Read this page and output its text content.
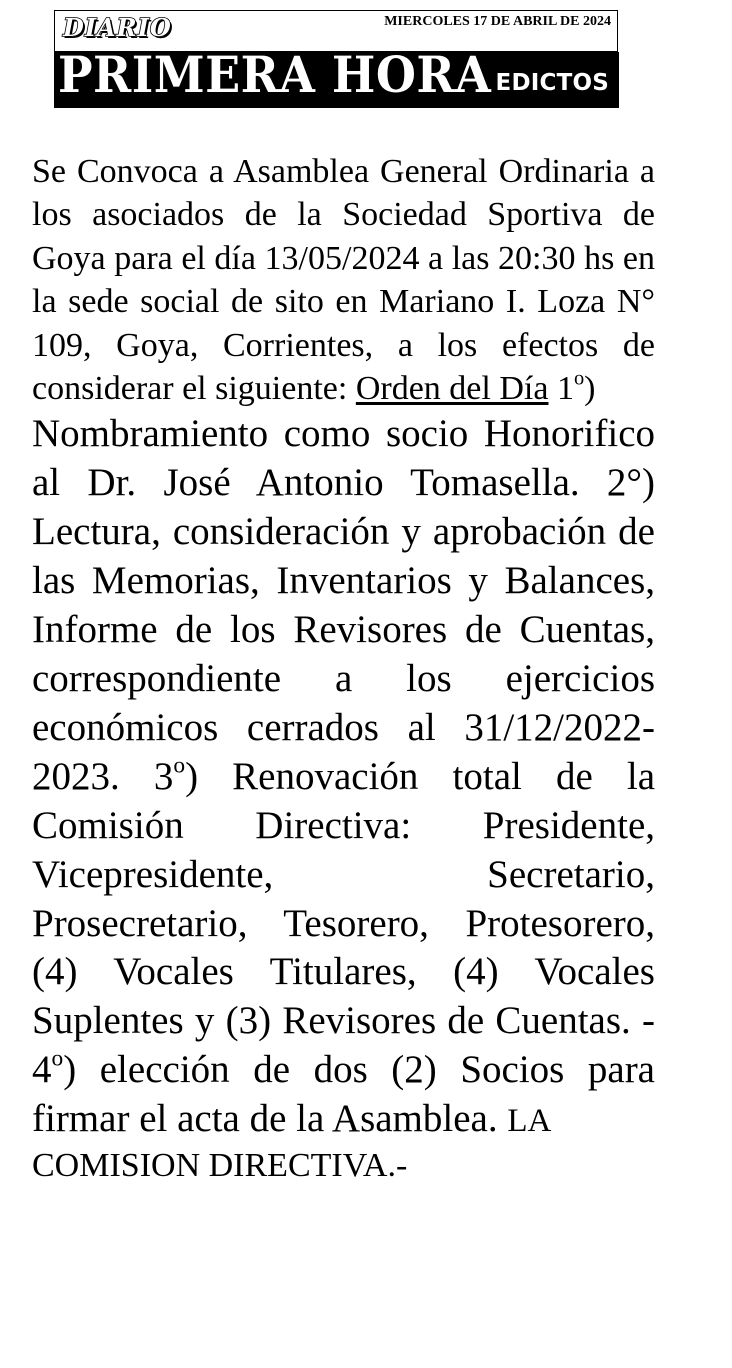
DIARIO	MIERCOLES 17 DE ABRIL DE 2024
PRIMERA HORA EDICTOS
Se Convoca a Asamblea General Ordinaria a los asociados de la Sociedad Sportiva de Goya para el día 13/05/2024 a las 20:30 hs en la sede social de sito en Mariano I. Loza N° 109, Goya, Corrientes, a los efectos de considerar el siguiente: Orden del Día 1$^o$)
Nombramiento como socio Honorifico al Dr. José Antonio Tomasella. 2°) Lectura, consideración y aprobación de las Memorias, Inventarios y Balances, Informe de los Revisores de Cuentas, correspondiente a los ejercicios económicos cerrados al 31/12/2022-2023. 3$^o$) Renovación total de la Comisión Directiva: Presidente, Vicepresidente, Secretario, Prosecretario, Tesorero, Protesorero, (4) Vocales Titulares, (4) Vocales Suplentes y (3) Revisores de Cuentas. - 4$^o$) elección de dos (2) Socios para firmar el acta de la Asamblea. LA
COMISION DIRECTIVA.-
